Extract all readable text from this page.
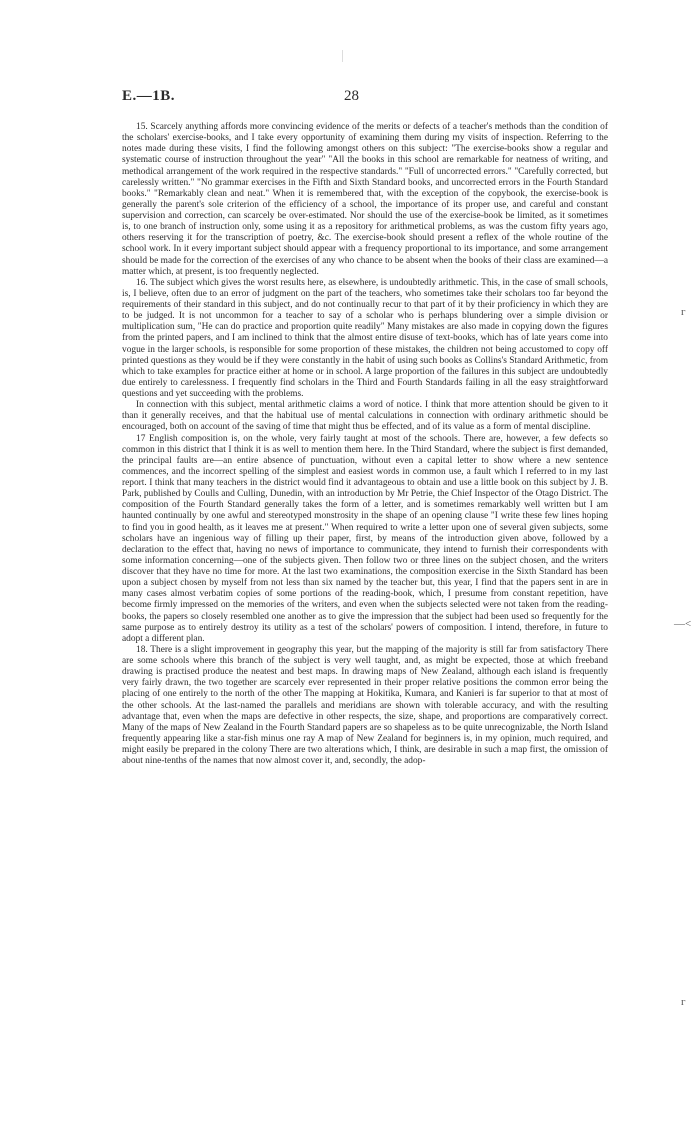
E.—1B.	28

15. Scarcely anything affords more convincing evidence of the merits or defects of a teacher's methods than the condition of the scholars' exercise-books, and I take every opportunity of examining them during my visits of inspection. Referring to the notes made during these visits, I find the following amongst others on this subject: "The exercise-books show a regular and systematic course of instruction throughout the year" "All the books in this school are remarkable for neatness of writing, and methodical arrangement of the work required in the respective standards." "Full of uncorrected errors." "Carefully corrected, but carelessly written." "No grammar exercises in the Fifth and Sixth Standard books, and uncorrected errors in the Fourth Standard books." "Remarkably clean and neat." When it is remembered that, with the exception of the copybook, the exercise-book is generally the parent's sole criterion of the efficiency of a school, the importance of its proper use, and careful and constant supervision and correction, can scarcely be over-estimated. Nor should the use of the exercise-book be limited, as it sometimes is, to one branch of instruction only, some using it as a repository for arithmetical problems, as was the custom fifty years ago, others reserving it for the transcription of poetry, &c. The exercise-book should present a reflex of the whole routine of the school work. In it every important subject should appear with a frequency proportional to its importance, and some arrangement should be made for the correction of the exercises of any who chance to be absent when the books of their class are examined—a matter which, at present, is too frequently neglected.

16. The subject which gives the worst results here, as elsewhere, is undoubtedly arithmetic. This, in the case of small schools, is, I believe, often due to an error of judgment on the part of the teachers, who sometimes take their scholars too far beyond the requirements of their standard in this subject, and do not continually recur to that part of it by their proficiency in which they are to be judged. It is not uncommon for a teacher to say of a scholar who is perhaps blundering over a simple division or multiplication sum, "He can do practice and proportion quite readily" Many mistakes are also made in copying down the figures from the printed papers, and I am inclined to think that the almost entire disuse of text-books, which has of late years come into vogue in the larger schools, is responsible for some proportion of these mistakes, the children not being accustomed to copy off printed questions as they would be if they were constantly in the habit of using such books as Collins's Standard Arithmetic, from which to take examples for practice either at home or in school. A large proportion of the failures in this subject are undoubtedly due entirely to carelessness. I frequently find scholars in the Third and Fourth Standards failing in all the easy straightforward questions and yet succeeding with the problems.

In connection with this subject, mental arithmetic claims a word of notice. I think that more attention should be given to it than it generally receives, and that the habitual use of mental calculations in connection with ordinary arithmetic should be encouraged, both on account of the saving of time that might thus be effected, and of its value as a form of mental discipline.

17 English composition is, on the whole, very fairly taught at most of the schools. There are, however, a few defects so common in this district that I think it is as well to mention them here. In the Third Standard, where the subject is first demanded, the principal faults are—an entire absence of punctuation, without even a capital letter to show where a new sentence commences, and the incorrect spelling of the simplest and easiest words in common use, a fault which I referred to in my last report. I think that many teachers in the district would find it advantageous to obtain and use a little book on this subject by J. B. Park, published by Coulls and Culling, Dunedin, with an introduction by Mr Petrie, the Chief Inspector of the Otago District. The composition of the Fourth Standard generally takes the form of a letter, and is sometimes remarkably well written but I am haunted continually by one awful and stereotyped monstrosity in the shape of an opening clause "I write these few lines hoping to find you in good health, as it leaves me at present." When required to write a letter upon one of several given subjects, some scholars have an ingenious way of filling up their paper, first, by means of the introduction given above, followed by a declaration to the effect that, having no news of importance to communicate, they intend to furnish their correspondents with some information concerning—one of the subjects given. Then follow two or three lines on the subject chosen, and the writers discover that they have no time for more. At the last two examinations, the composition exercise in the Sixth Standard has been upon a subject chosen by myself from not less than six named by the teacher but, this year, I find that the papers sent in are in many cases almost verbatim copies of some portions of the reading-book, which, I presume from constant repetition, have become firmly impressed on the memories of the writers, and even when the subjects selected were not taken from the reading-books, the papers so closely resembled one another as to give the impression that the subject had been used so frequently for the same purpose as to entirely destroy its utility as a test of the scholars' powers of composition. I intend, therefore, in future to adopt a different plan.

18. There is a slight improvement in geography this year, but the mapping of the majority is still far from satisfactory There are some schools where this branch of the subject is very well taught, and, as might be expected, those at which freeband drawing is practised produce the neatest and best maps. In drawing maps of New Zealand, although each island is frequently very fairly drawn, the two together are scarcely ever represented in their proper relative positions the common error being the placing of one entirely to the north of the other The mapping at Hokitika, Kumara, and Kanieri is far superior to that at most of the other schools. At the last-named the parallels and meridians are shown with tolerable accuracy, and with the resulting advantage that, even when the maps are defective in other respects, the size, shape, and proportions are comparatively correct. Many of the maps of New Zealand in the Fourth Standard papers are so shapeless as to be quite unrecognizable, the North Island frequently appearing like a star-fish minus one ray A map of New Zealand for beginners is, in my opinion, much required, and might easily be prepared in the colony There are two alterations which, I think, are desirable in such a map first, the omission of about nine-tenths of the names that now almost cover it, and, secondly, the adop-

г
—<
г
